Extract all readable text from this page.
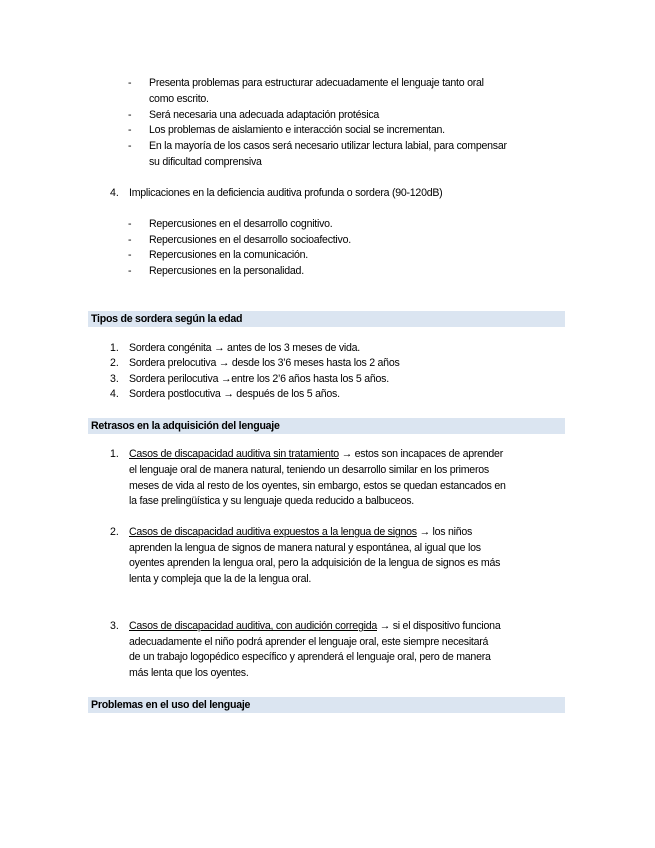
- Presenta problemas para estructurar adecuadamente el lenguaje tanto oral
como escrito.
- Será necesaria una adecuada adaptación protésica
- Los problemas de aislamiento e interacción social se incrementan.
- En la mayoría de los casos será necesario utilizar lectura labial, para compensar
su dificultad comprensiva
4. Implicaciones en la deficiencia auditiva profunda o sordera (90-120dB)
- Repercusiones en el desarrollo cognitivo.
- Repercusiones en el desarrollo socioafectivo.
- Repercusiones en la comunicación.
- Repercusiones en la personalidad.
Tipos de sordera según la edad
1. Sordera congénita → antes de los 3 meses de vida.
2. Sordera prelocutiva → desde los 3’6 meses hasta los 2 años
3. Sordera perilocutiva →entre los 2’6 años hasta los 5 años.
4. Sordera postlocutiva → después de los 5 años.
Retrasos en la adquisición del lenguaje
1. Casos de discapacidad auditiva sin tratamiento → estos son incapaces de aprender
el lenguaje oral de manera natural, teniendo un desarrollo similar en los primeros
meses de vida al resto de los oyentes, sin embargo, estos se quedan estancados en
la fase prelingüística y su lenguaje queda reducido a balbuceos.
2. Casos de discapacidad auditiva expuestos a la lengua de signos → los niños
aprenden la lengua de signos de manera natural y espontánea, al igual que los
oyentes aprenden la lengua oral, pero la adquisición de la lengua de signos es más
lenta y compleja que la de la lengua oral.
3. Casos de discapacidad auditiva, con audición corregida → si el dispositivo funciona
adecuadamente el niño podrá aprender el lenguaje oral, este siempre necesitará
de un trabajo logopédico específico y aprenderá el lenguaje oral, pero de manera
más lenta que los oyentes.
Problemas en el uso del lenguaje
